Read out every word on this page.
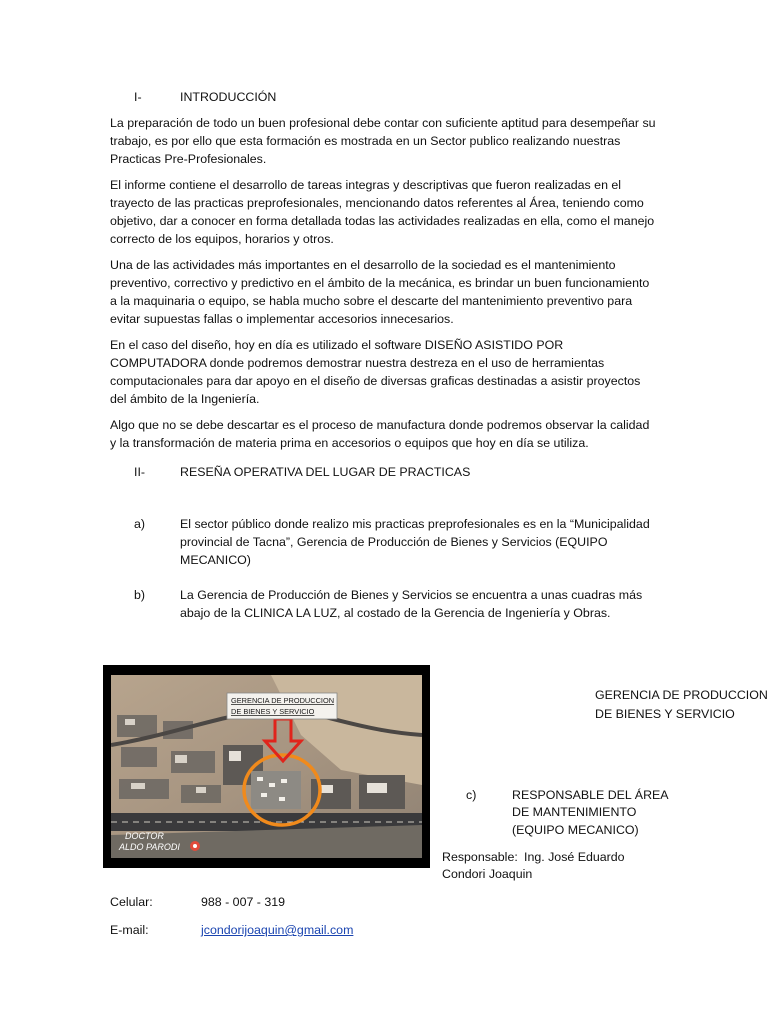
I-	INTRODUCCIÓN

La preparación de todo un buen profesional debe contar con suficiente aptitud para desempeñar su trabajo, es por ello que esta formación es mostrada en un Sector publico realizando nuestras Practicas Pre-Profesionales.

El informe contiene el desarrollo de tareas integras y descriptivas que fueron realizadas en el trayecto de las practicas preprofesionales, mencionando datos referentes al Área, teniendo como objetivo, dar a conocer en forma detallada todas las actividades realizadas en ella, como el manejo correcto de los equipos, horarios y otros.

Una de las actividades más importantes en el desarrollo de la sociedad es el mantenimiento preventivo, correctivo y predictivo en el ámbito de la mecánica, es brindar un buen funcionamiento a la maquinaria o equipo, se habla mucho sobre el descarte del mantenimiento preventivo para evitar supuestas fallas o implementar accesorios innecesarios.

En el caso del diseño, hoy en día es utilizado el software DISEÑO ASISTIDO POR COMPUTADORA donde podremos demostrar nuestra destreza en el uso de herramientas computacionales para dar apoyo en el diseño de diversas graficas destinadas a asistir proyectos del ámbito de la Ingeniería.

Algo que no se debe descartar es el proceso de manufactura donde podremos observar la calidad y la transformación de materia prima en accesorios o equipos que hoy en día se utiliza.

II-	RESEÑA OPERATIVA DEL LUGAR DE PRACTICAS
a)	El sector público donde realizo mis practicas preprofesionales es en la “Municipalidad provincial de Tacna”, Gerencia de Producción de Bienes y Servicios (EQUIPO MECANICO)

b)	La Gerencia de Producción de Bienes y Servicios se encuentra a unas cuadras más abajo de la CLINICA LA LUZ, al costado de la Gerencia de Ingeniería y Obras.

GERENCIA DE PRODUCCION
DE BIENES Y SERVICIO
DOCTOR
ALDO PARODI
GERENCIA DE PRODUCCION
DE BIENES Y SERVICIO
c)	RESPONSABLE DEL ÁREA
DE MANTENIMIENTO
(EQUIPO MECANICO)
Responsable: Ing. José Eduardo
Condori Joaquin
Celular:	988 - 007 - 319
E-mail:	jcondorijoaquin@gmail.com
